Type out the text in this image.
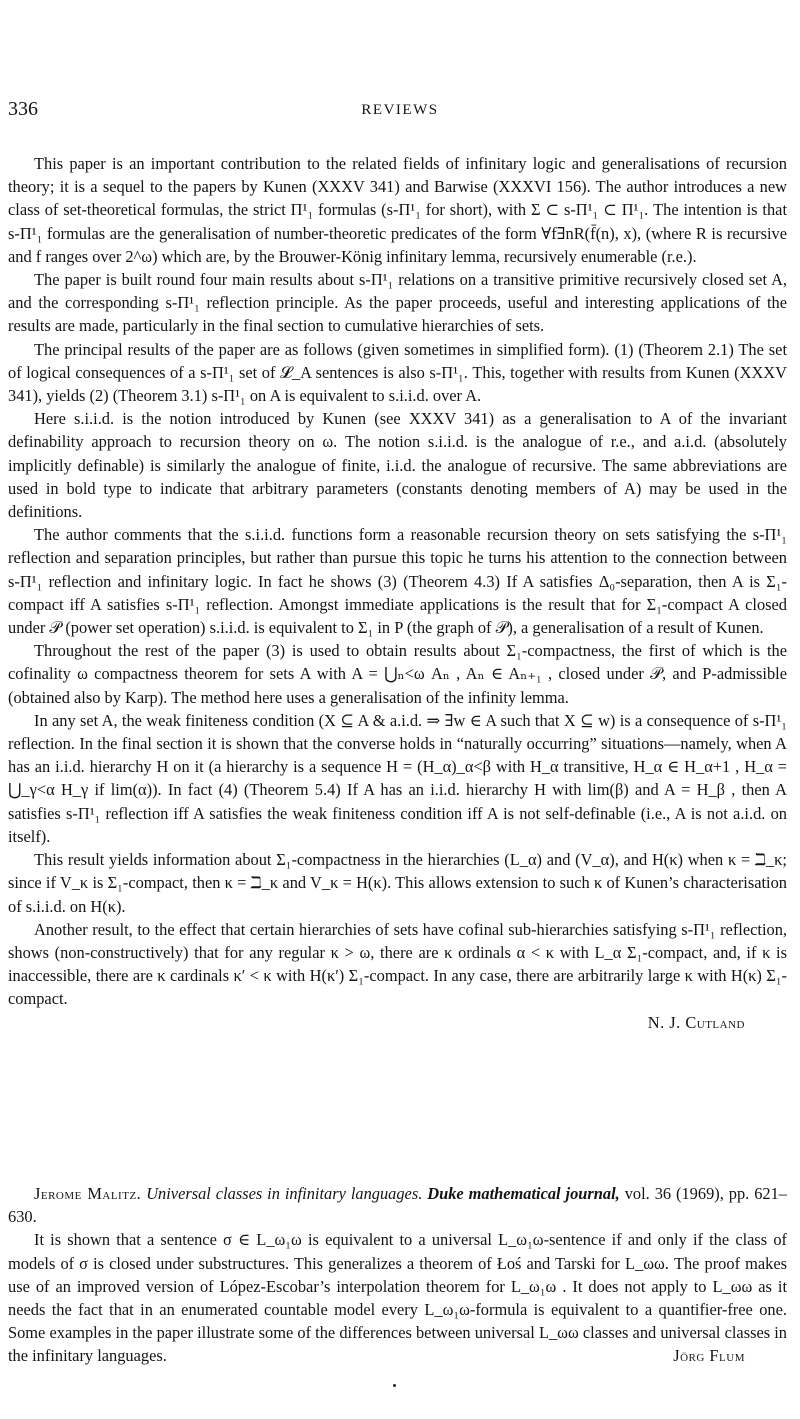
336	REVIEWS

This paper is an important contribution to the related fields of infinitary logic and generalisations of recursion theory; it is a sequel to the papers by Kunen (XXXV 341) and Barwise (XXXVI 156). The author introduces a new class of set-theoretical formulas, the strict Π¹₁ formulas (s-Π¹₁ for short), with Σ ⊂ s-Π¹₁ ⊂ Π¹₁. The intention is that s-Π¹₁ formulas are the generalisation of number-theoretic predicates of the form ∀f∃nR(f̄(n), x), (where R is recursive and f ranges over 2^ω) which are, by the Brouwer-König infinitary lemma, recursively enumerable (r.e.).

The paper is built round four main results about s-Π¹₁ relations on a transitive primitive recursively closed set A, and the corresponding s-Π¹₁ reflection principle. As the paper proceeds, useful and interesting applications of the results are made, particularly in the final section to cumulative hierarchies of sets.

The principal results of the paper are as follows (given sometimes in simplified form). (1) (Theorem 2.1) The set of logical consequences of a s-Π¹₁ set of 𝓛_A sentences is also s-Π¹₁. This, together with results from Kunen (XXXV 341), yields (2) (Theorem 3.1) s-Π¹₁ on A is equivalent to s.i.i.d. over A.

Here s.i.i.d. is the notion introduced by Kunen (see XXXV 341) as a generalisation to A of the invariant definability approach to recursion theory on ω. The notion s.i.i.d. is the analogue of r.e., and a.i.d. (absolutely implicitly definable) is similarly the analogue of finite, i.i.d. the analogue of recursive. The same abbreviations are used in bold type to indicate that arbitrary parameters (constants denoting members of A) may be used in the definitions.

The author comments that the s.i.i.d. functions form a reasonable recursion theory on sets satisfying the s-Π¹₁ reflection and separation principles, but rather than pursue this topic he turns his attention to the connection between s-Π¹₁ reflection and infinitary logic. In fact he shows (3) (Theorem 4.3) If A satisfies Δ₀-separation, then A is Σ₁-compact iff A satisfies s-Π¹₁ reflection. Amongst immediate applications is the result that for Σ₁-compact A closed under 𝒫 (power set operation) s.i.i.d. is equivalent to Σ₁ in P (the graph of 𝒫), a generalisation of a result of Kunen.

Throughout the rest of the paper (3) is used to obtain results about Σ₁-compactness, the first of which is the cofinality ω compactness theorem for sets A with A = ⋃ₙ<ω Aₙ , Aₙ ∈ Aₙ₊₁ , closed under 𝒫, and P-admissible (obtained also by Karp). The method here uses a generalisation of the infinity lemma.

In any set A, the weak finiteness condition (X ⊆ A & a.i.d. ⇒ ∃w ∈ A such that X ⊆ w) is a consequence of s-Π¹₁ reflection. In the final section it is shown that the converse holds in “naturally occurring” situations—namely, when A has an i.i.d. hierarchy H on it (a hierarchy is a sequence H = (H_α)_α<β with H_α transitive, H_α ∈ H_α+1 , H_α = ⋃_γ<α H_γ if lim(α)). In fact (4) (Theorem 5.4) If A has an i.i.d. hierarchy H with lim(β) and A = H_β , then A satisfies s-Π¹₁ reflection iff A satisfies the weak finiteness condition iff A is not self-definable (i.e., A is not a.i.d. on itself).

This result yields information about Σ₁-compactness in the hierarchies (L_α) and (V_α), and H(κ) when κ = ℶ_κ; since if V_κ is Σ₁-compact, then κ = ℶ_κ and V_κ = H(κ). This allows extension to such κ of Kunen’s characterisation of s.i.i.d. on H(κ).

Another result, to the effect that certain hierarchies of sets have cofinal sub-hierarchies satisfying s-Π¹₁ reflection, shows (non-constructively) that for any regular κ > ω, there are κ ordinals α < κ with L_α Σ₁-compact, and, if κ is inaccessible, there are κ cardinals κ′ < κ with H(κ′) Σ₁-compact. In any case, there are arbitrarily large κ with H(κ) Σ₁-compact.

N. J. Cutland

Jerome Malitz. Universal classes in infinitary languages. Duke mathematical journal, vol. 36 (1969), pp. 621–630.

It is shown that a sentence σ ∈ L_ω₁ω is equivalent to a universal L_ω₁ω-sentence if and only if the class of models of σ is closed under substructures. This generalizes a theorem of Łoś and Tarski for L_ωω. The proof makes use of an improved version of López-Escobar’s interpolation theorem for L_ω₁ω . It does not apply to L_ωω as it needs the fact that in an enumerated countable model every L_ω₁ω-formula is equivalent to a quantifier-free one. Some examples in the paper illustrate some of the differences between universal L_ωω classes and universal classes in the infinitary languages.	Jörg Flum
